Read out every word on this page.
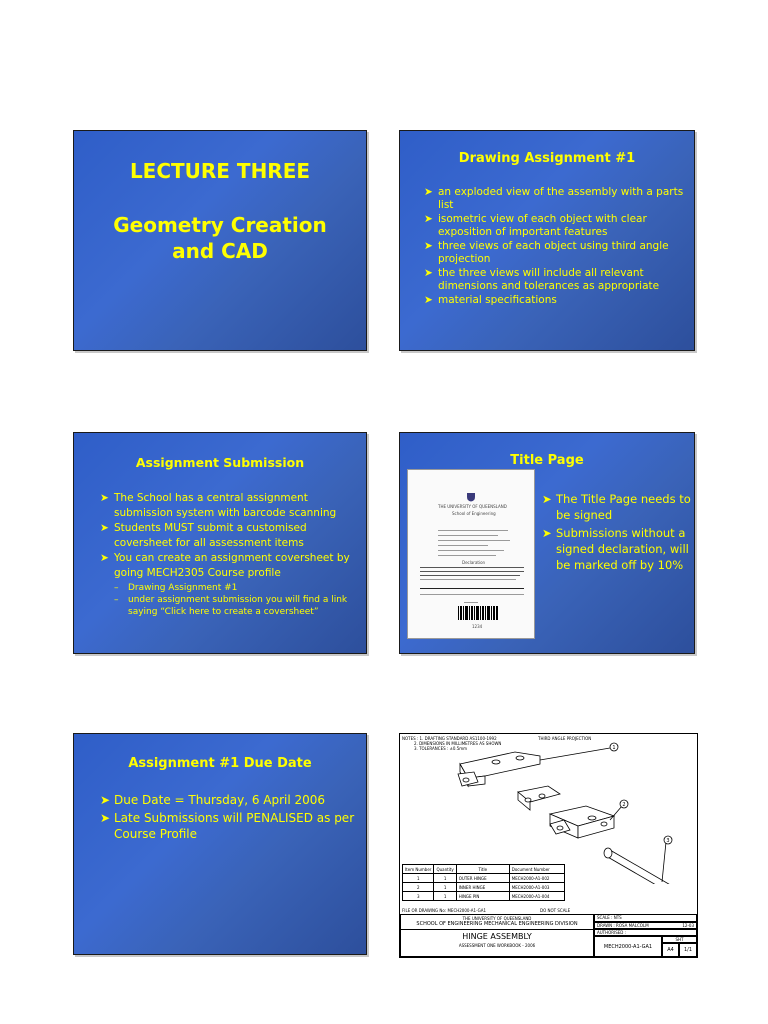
LECTURE THREE
Geometry Creation
and CAD
Drawing Assignment #1
➤ an exploded view of the assembly with a parts list
➤ isometric view of each object with clear exposition of important features
➤ three views of each object using third angle projection
➤ the three views will include all relevant dimensions and tolerances as appropriate
➤ material specifications
Assignment Submission
➤ The School has a central assignment submission system with barcode scanning
➤ Students MUST submit a customised coversheet for all assessment items
➤ You can create an assignment coversheet by going MECH2305 Course profile
– Drawing Assignment #1
– under assignment submission you will find a link saying “Click here to create a coversheet”
Title Page
THE UNIVERSITY OF QUEENSLAND
School of Engineering
Declaration
1234
➤ The Title Page needs to be signed
➤ Submissions without a signed declaration, will be marked off by 10%
Assignment #1 Due Date
➤ Due Date = Thursday, 6 April 2006
➤ Late Submissions will PENALISED as per Course Profile
NOTES : 1. DRAFTING STANDARD AS1100-1992
2. DIMENSIONS IN MILLIMETRES AS SHOWN
3. TOLERANCES : ±0.5mm
THIRD ANGLE PROJECTION
1
2
3
Item Number	Quantity	Title	Document Number
1	1	OUTER HINGE	MECH2000-A1-002
2	1	INNER HINGE	MECH2000-A1-003
3	1	HINGE PIN	MECH2000-A1-004
FILE OR DRAWING No: MECH2000-A1-GA1	DO NOT SCALE
THE UNIVERSITY OF QUEENSLAND
SCHOOL OF ENGINEERING MECHANICAL ENGINEERING DIVISION
HINGE ASSEMBLY
ASSESSMENT ONE WORKBOOK - 2006
SCALE : NTS
DRAWN : ROSA MALCOLM	12-03
AUTHORISED :
MECH2000-A1-GA1
SHT
A4	1/1
